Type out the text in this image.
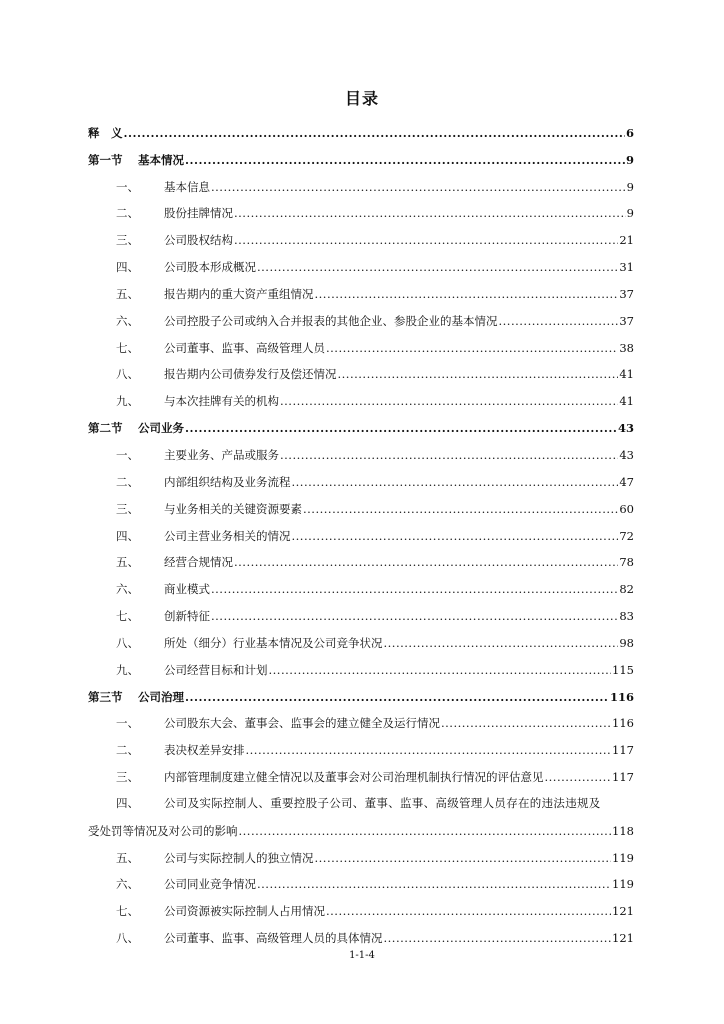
目录
释　义 .....	6
第一节	基本情况 .....	9
一、	基本信息 .....	9
二、	股份挂牌情况 .....	9
三、	公司股权结构 .....	21
四、	公司股本形成概况 .....	31
五、	报告期内的重大资产重组情况 .....	37
六、	公司控股子公司或纳入合并报表的其他企业、参股企业的基本情况 .....	37
七、	公司董事、监事、高级管理人员 .....	38
八、	报告期内公司债券发行及偿还情况 .....	41
九、	与本次挂牌有关的机构 .....	41
第二节	公司业务 .....	43
一、	主要业务、产品或服务 .....	43
二、	内部组织结构及业务流程 .....	47
三、	与业务相关的关键资源要素 .....	60
四、	公司主营业务相关的情况 .....	72
五、	经营合规情况 .....	78
六、	商业模式 .....	82
七、	创新特征 .....	83
八、	所处（细分）行业基本情况及公司竞争状况 .....	98
九、	公司经营目标和计划 .....	115
第三节	公司治理 .....	116
一、	公司股东大会、董事会、监事会的建立健全及运行情况 .....	116
二、	表决权差异安排 .....	117
三、	内部管理制度建立健全情况以及董事会对公司治理机制执行情况的评估意见 .....	117
四、	公司及实际控制人、重要控股子公司、董事、监事、高级管理人员存在的违法违规及
受处罚等情况及对公司的影响 .....	118
五、	公司与实际控制人的独立情况 .....	119
六、	公司同业竞争情况 .....	119
七、	公司资源被实际控制人占用情况 .....	121
八、	公司董事、监事、高级管理人员的具体情况 .....	121
1-1-4
